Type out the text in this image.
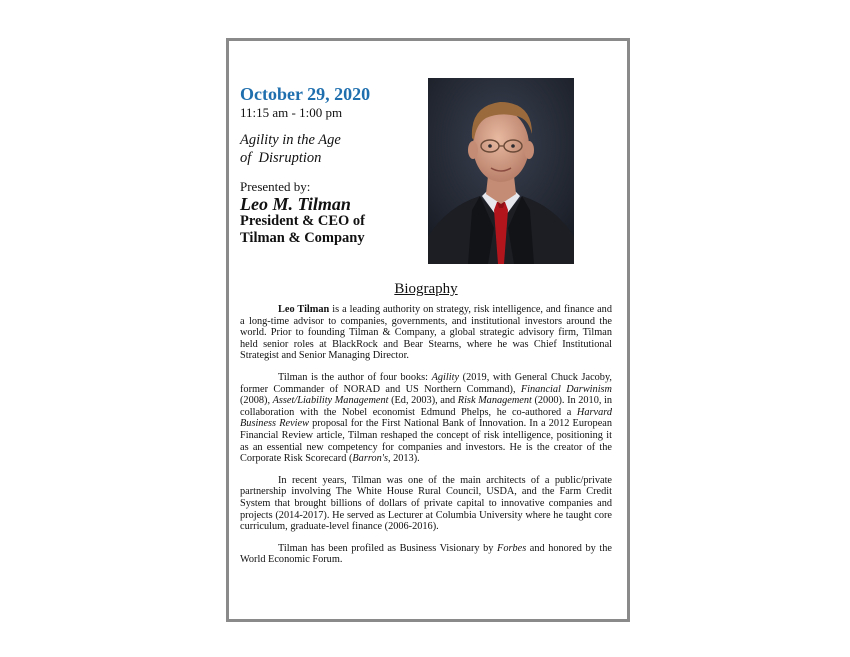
October 29, 2020
11:15 am - 1:00 pm
Agility in the Age
of  Disruption
Presented by:
Leo M. Tilman
President & CEO of
Tilman & Company
Biography

Leo Tilman is a leading authority on strategy, risk intelligence, and finance and a long-time advisor to companies, governments, and institutional investors around the world. Prior to founding Tilman & Company, a global strategic advisory firm, Tilman held senior roles at BlackRock and Bear Stearns, where he was Chief Institutional Strategist and Senior Managing Director.

Tilman is the author of four books: Agility (2019, with General Chuck Jacoby, former Commander of NORAD and US Northern Command), Financial Darwinism (2008), Asset/Liability Management (Ed, 2003), and Risk Management (2000). In 2010, in collaboration with the Nobel economist Edmund Phelps, he co-authored a Harvard Business Review proposal for the First National Bank of Innovation. In a 2012 European Financial Review article, Tilman reshaped the concept of risk intelligence, positioning it as an essential new competency for companies and investors. He is the creator of the Corporate Risk Scorecard (Barron's, 2013).

In recent years, Tilman was one of the main architects of a public/private partnership involving The White House Rural Council, USDA, and the Farm Credit System that brought billions of dollars of private capital to innovative companies and projects (2014-2017). He served as Lecturer at Columbia University where he taught core curriculum, graduate-level finance (2006-2016).

Tilman has been profiled as Business Visionary by Forbes and honored by the World Economic Forum.
